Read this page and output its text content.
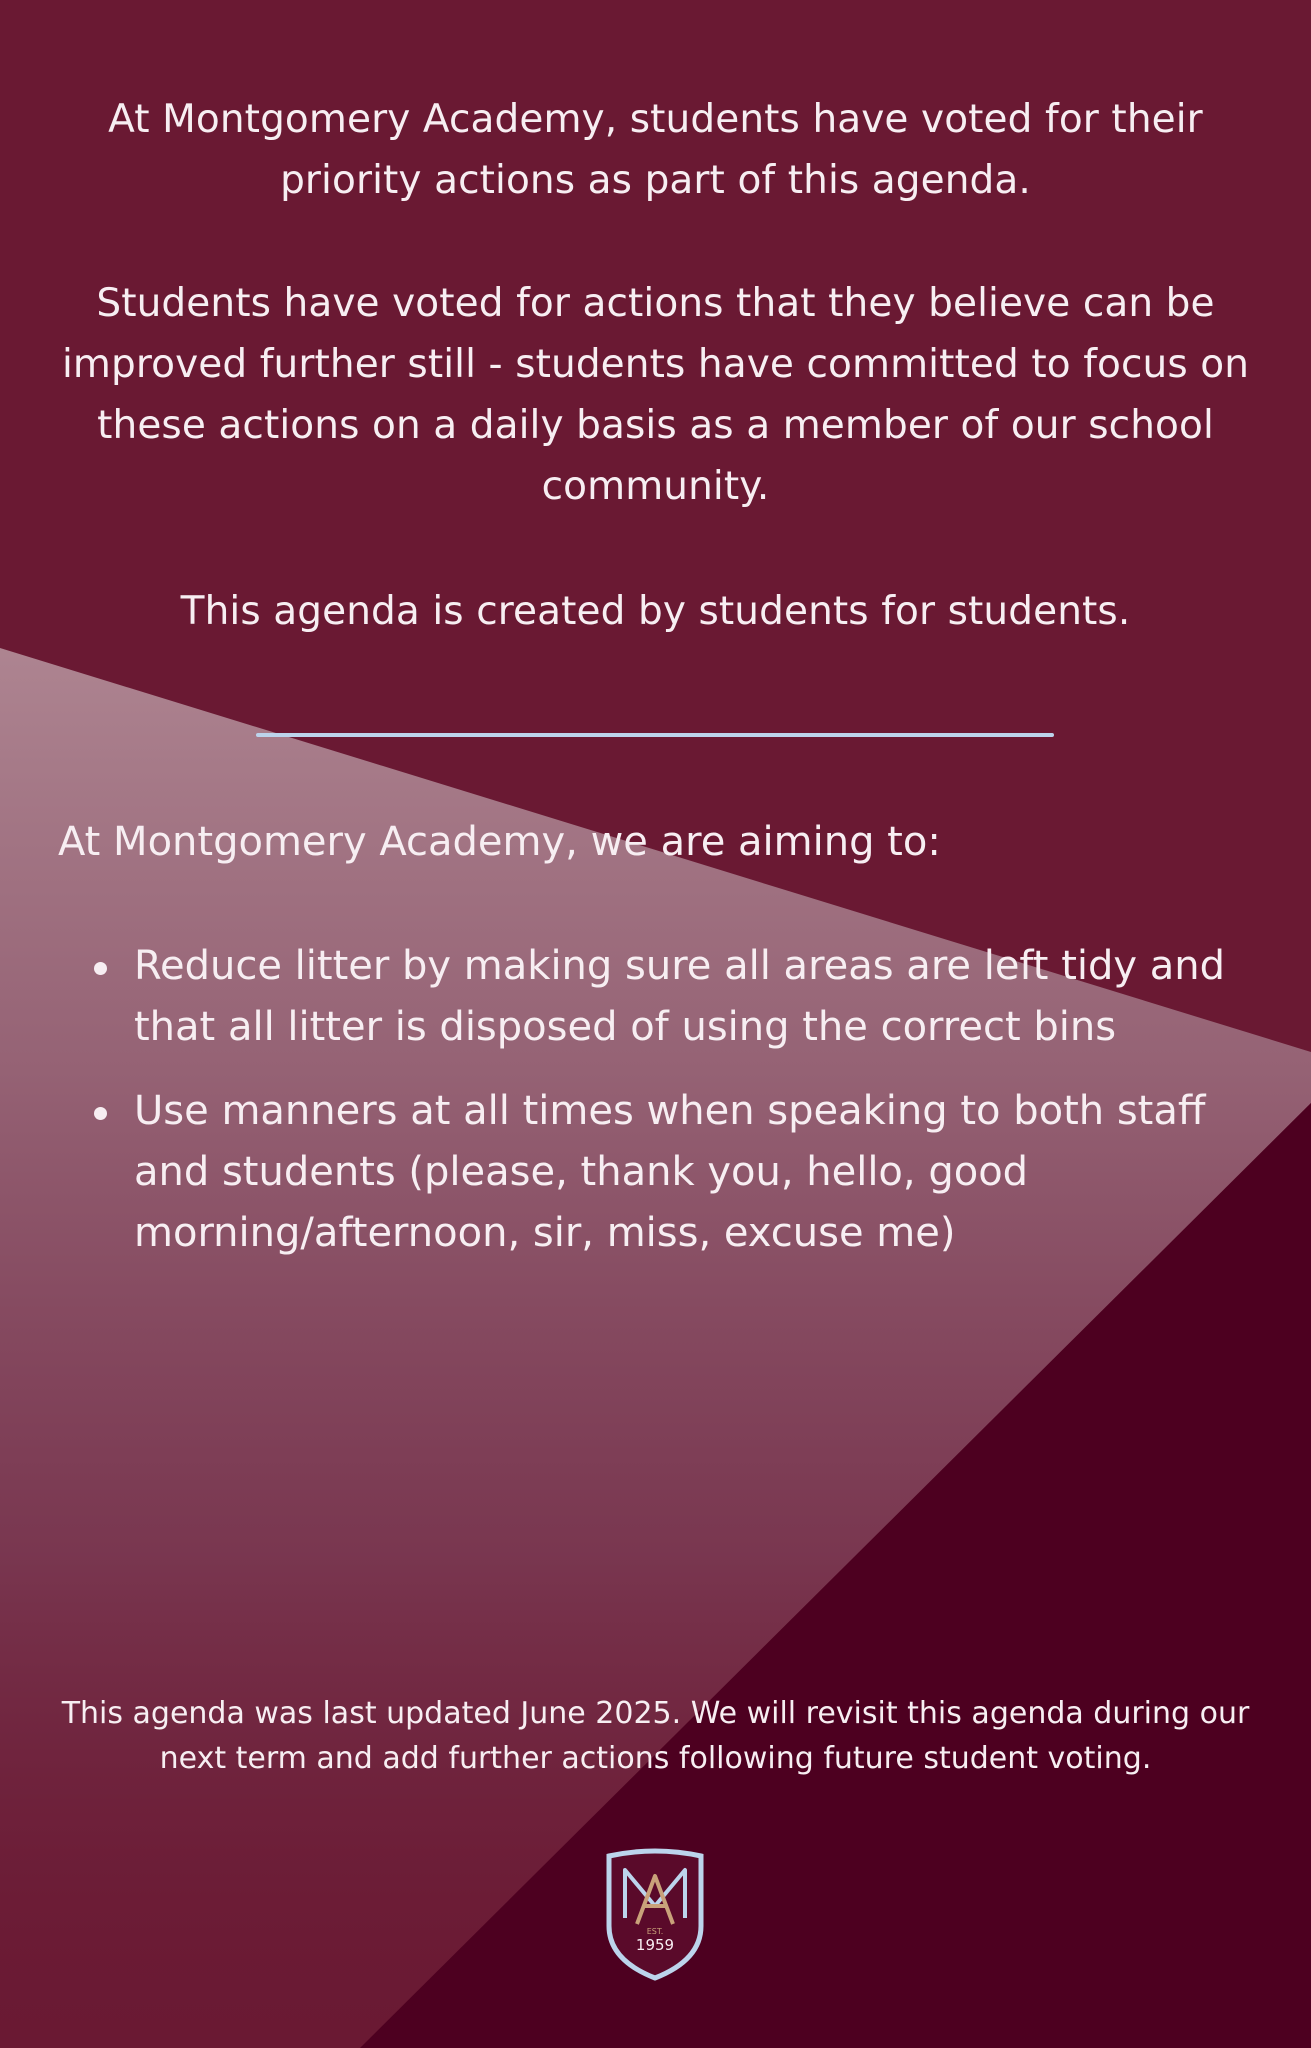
At Montgomery Academy, students have voted for their priority actions as part of this agenda.

Students have voted for actions that they believe can be improved further still - students have committed to focus on these actions on a daily basis as a member of our school community.

This agenda is created by students for students.

At Montgomery Academy, we are aiming to:
Reduce litter by making sure all areas are left tidy and that all litter is disposed of using the correct bins
Use manners at all times when speaking to both staff and students (please, thank you, hello, good morning/afternoon, sir, miss, excuse me)

This agenda was last updated June 2025. We will revisit this agenda during our next term and add further actions following future student voting.

EST.
1959
